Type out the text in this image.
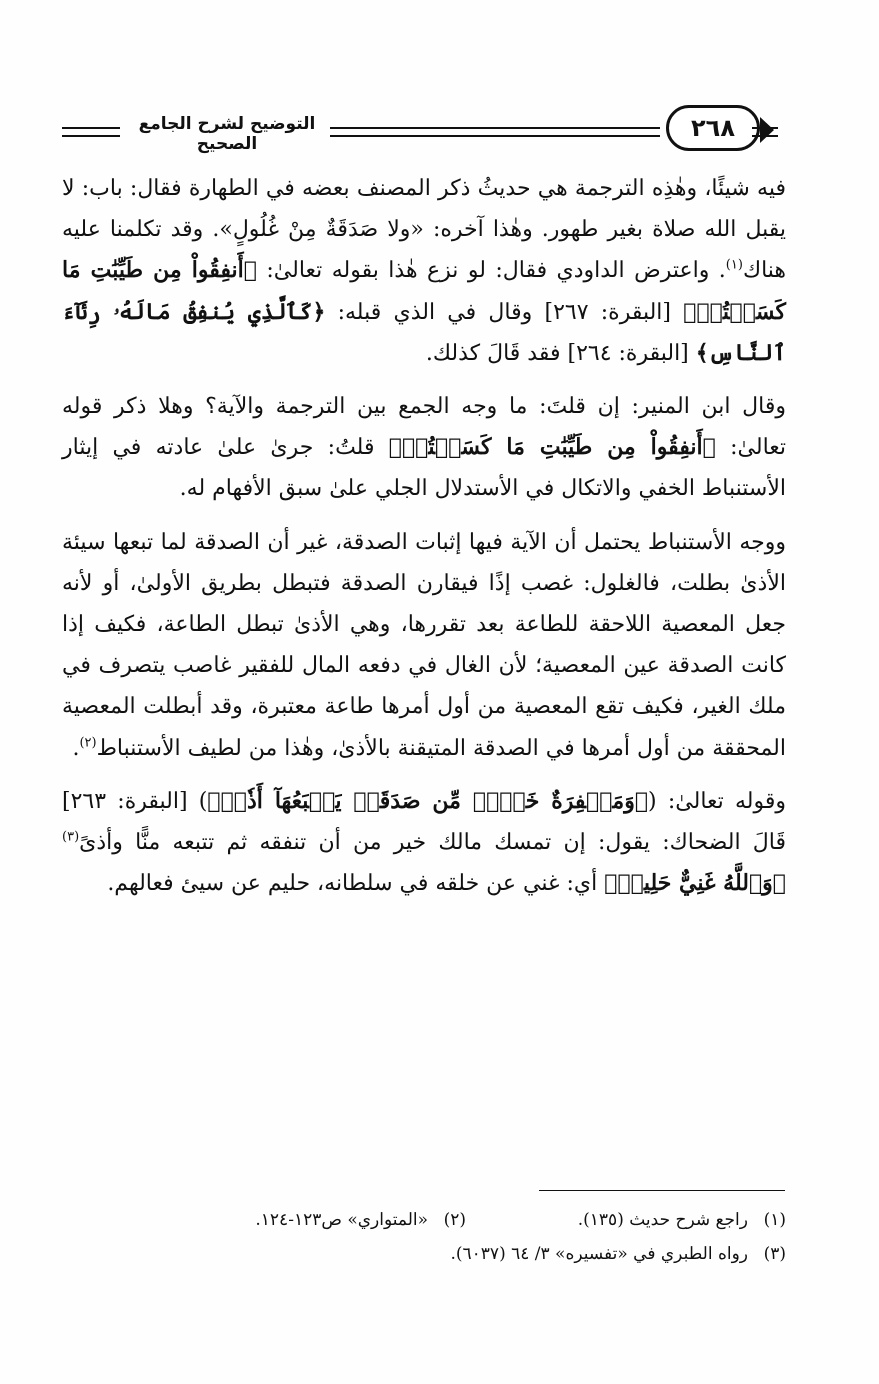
التوضيح لشرح الجامع الصحيح
٢٦٨

فيه شيئًا، وهٰذِه الترجمة هي حديثُ ذكر المصنف بعضه في الطهارة فقال: باب: لا يقبل الله صلاة بغير طهور. وهٰذا آخره: «ولا صَدَقَةٌ مِنْ غُلُولٍ». وقد تكلمنا عليه هناك$^{(١)}$. واعترض الداودي فقال: لو نزع هٰذا بقوله تعالىٰ: ﴿أَنفِقُواْ مِن طَيِّبَٰتِ مَا كَسَبۡتُمۡ﴾ [البقرة: ٢٦٧] وقال في الذي قبله: ﴿كَٱلَّذِي يُنفِقُ مَالَهُۥ رِئَآءَ ٱلنَّاسِ﴾ [البقرة: ٢٦٤] فقد قَالَ كذلك.

وقال ابن المنير: إن قلتَ: ما وجه الجمع بين الترجمة والآية؟ وهلا ذكر قوله تعالىٰ: ﴿أَنفِقُواْ مِن طَيِّبَٰتِ مَا كَسَبۡتُمۡ﴾ قلتُ: جرىٰ علىٰ عادته في إيثار الأستنباط الخفي والاتكال في الأستدلال الجلي علىٰ سبق الأفهام له.

ووجه الأستنباط يحتمل أن الآية فيها إثبات الصدقة، غير أن الصدقة لما تبعها سيئة الأذىٰ بطلت، فالغلول: غصب إذًا فيقارن الصدقة فتبطل بطريق الأولىٰ، أو لأنه جعل المعصية اللاحقة للطاعة بعد تقررها، وهي الأذىٰ تبطل الطاعة، فكيف إذا كانت الصدقة عين المعصية؛ لأن الغال في دفعه المال للفقير غاصب يتصرف في ملك الغير، فكيف تقع المعصية من أول أمرها طاعة معتبرة، وقد أبطلت المعصية المحققة من أول أمرها في الصدقة المتيقنة بالأذىٰ، وهٰذا من لطيف الأستنباط$^{(٢)}$.

وقوله تعالىٰ: (﴿وَمَغۡفِرَةٌ خَيۡرٞ مِّن صَدَقَةٖ يَتۡبَعُهَآ أَذٗىۗ﴾) [البقرة: ٢٦٣] قَالَ الضحاك: يقول: إن تمسك مالك خير من أن تنفقه ثم تتبعه منًّا وأذىً$^{(٣)}$ ﴿وَٱللَّهُ غَنِيٌّ حَلِيمٞ﴾ أي: غني عن خلقه في سلطانه، حليم عن سيئ فعالهم.

(١)راجع شرح حديث (١٣٥).
(٢)«المتواري» ص١٢٣-١٢٤.
(٣)رواه الطبري في «تفسيره» ٣/ ٦٤ (٦٠٣٧).
